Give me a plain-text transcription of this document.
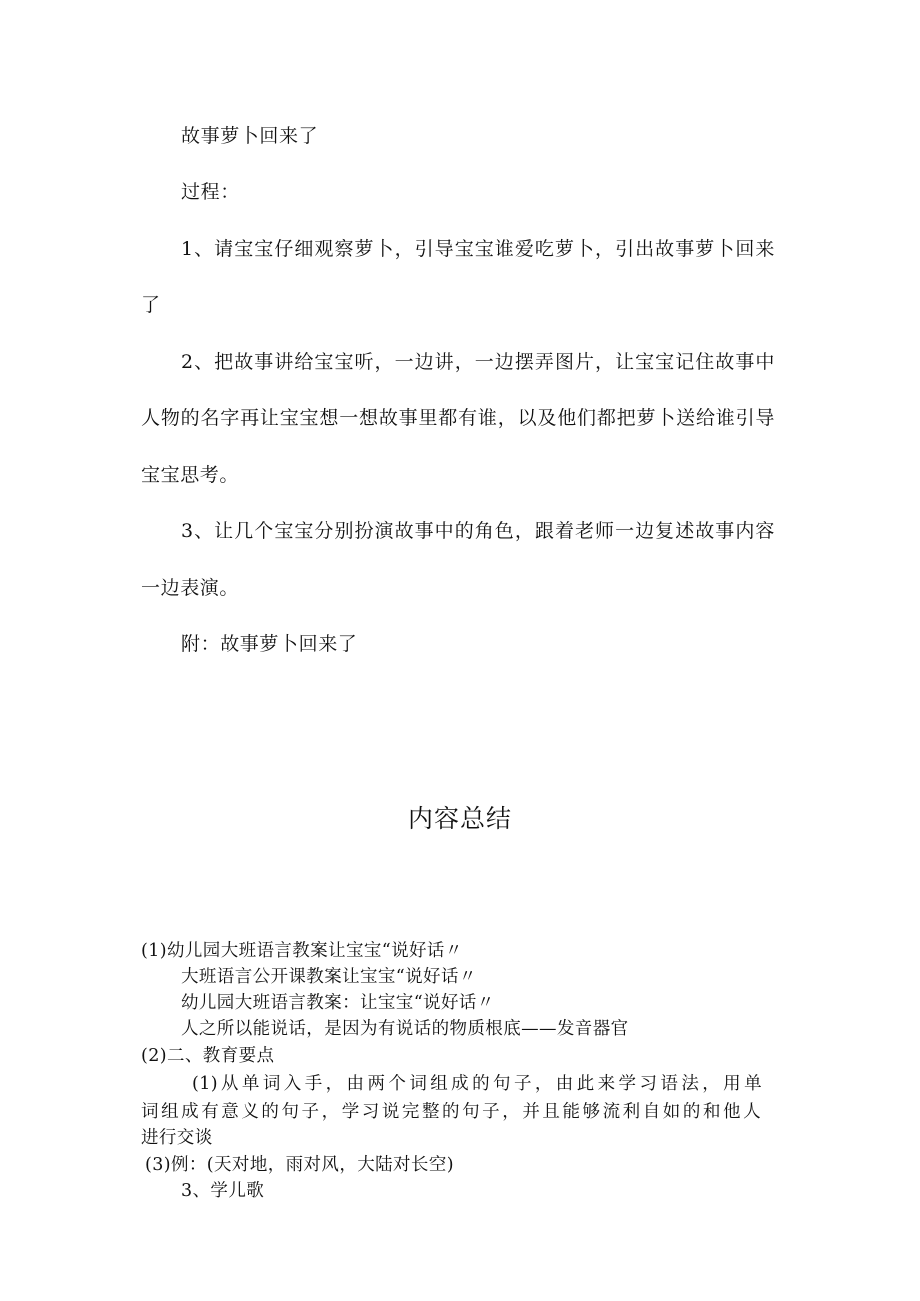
故事萝卜回来了
过程：
1、请宝宝仔细观察萝卜，引导宝宝谁爱吃萝卜，引出故事萝卜回来
了
2、把故事讲给宝宝听，一边讲，一边摆弄图片，让宝宝记住故事中
人物的名字再让宝宝想一想故事里都有谁，以及他们都把萝卜送给谁引导
宝宝思考。
3、让几个宝宝分别扮演故事中的角色，跟着老师一边复述故事内容
一边表演。
附：故事萝卜回来了
内容总结
(1)幼儿园大班语言教案让宝宝“说好话〃
大班语言公开课教案让宝宝“说好话〃
幼儿园大班语言教案：让宝宝“说好话〃
人之所以能说话，是因为有说话的物质根底——发音器官
(2)二、教育要点
(1)从单词入手，由两个词组成的句子，由此来学习语法，用单
词组成有意义的句子，学习说完整的句子，并且能够流利自如的和他人
进行交谈
(3)例：(天对地，雨对风，大陆对长空)
3、学儿歌
